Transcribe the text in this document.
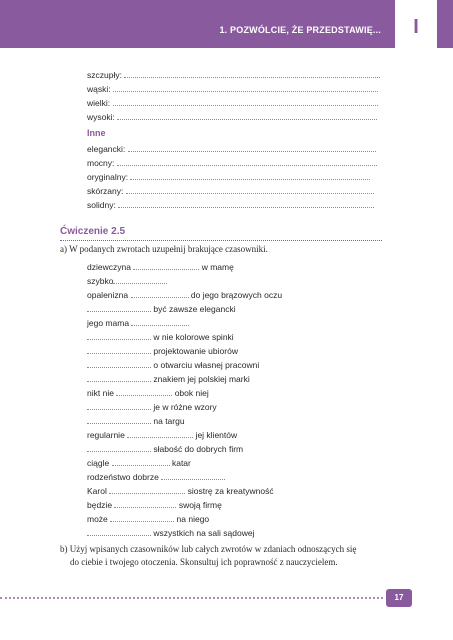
1. POZWÓLCIE, ŻE PRZEDSTAWIĘ...	I
szczupły:
wąski:
wielki:
wysoki:
Inne
elegancki:
mocny:
oryginalny:
skórzany:
solidny:
Ćwiczenie 2.5
a) W podanych zwrotach uzupełnij brakujące czasowniki.
dziewczyna	w mamę
szybko
opalenizna	do jego brązowych oczu
być zawsze elegancki
jego mama
w nie kolorowe spinki
projektowanie ubiorów
o otwarciu własnej pracowni
znakiem jej polskiej marki
nikt nie	obok niej
je w różne wzory
na targu
regularnie	jej klientów
słabość do dobrych firm
ciągle	katar
rodzeństwo dobrze
Karol	siostrę za kreatywność
będzie	swoją firmę
może	na niego
wszystkich na sali sądowej
b) Użyj wpisanych czasowników lub całych zwrotów w zdaniach odnoszących się
do ciebie i twojego otoczenia. Skonsultuj ich poprawność z nauczycielem.
17
